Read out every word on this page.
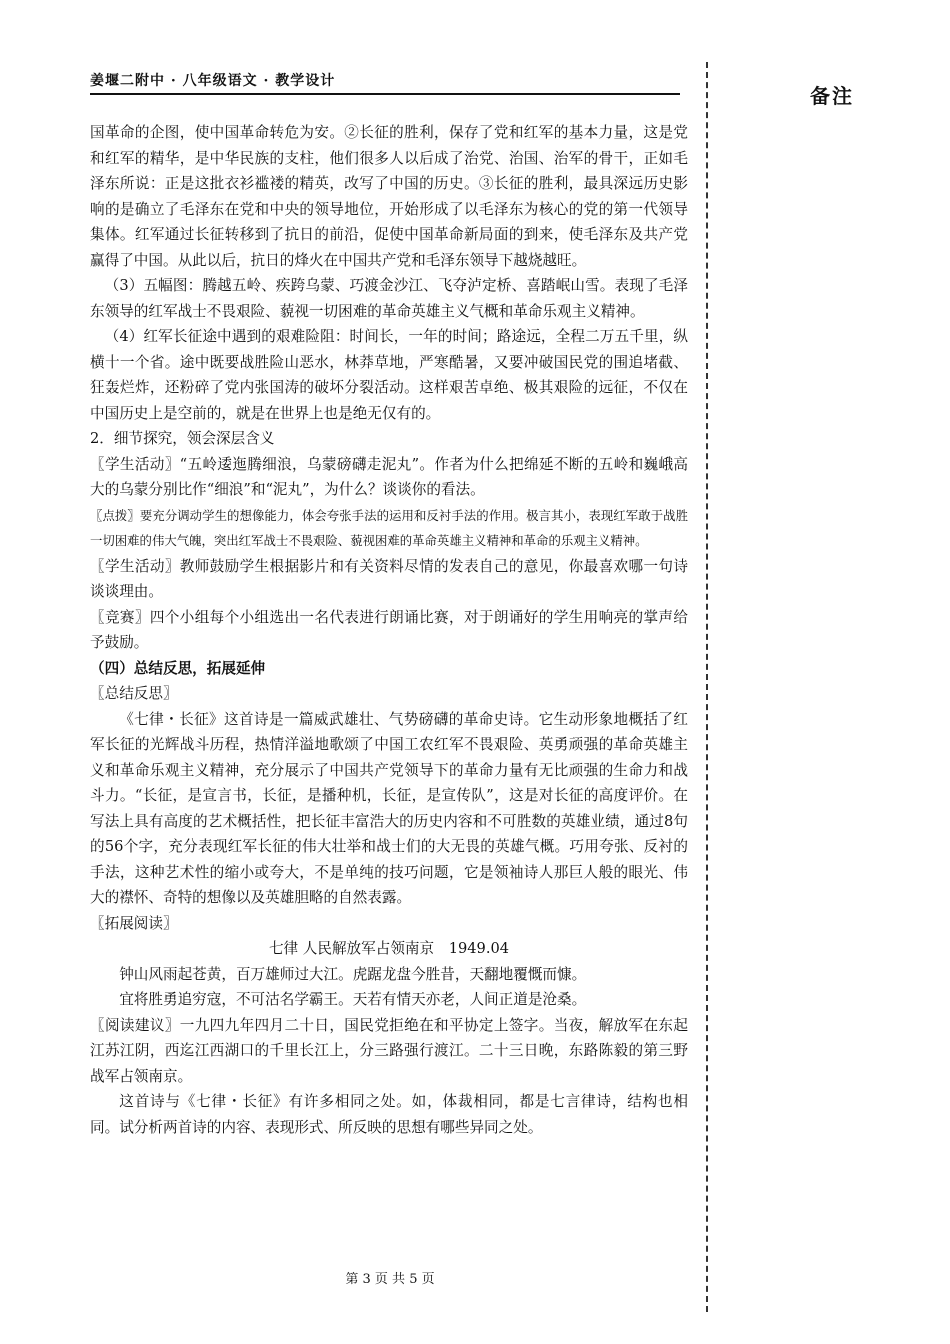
姜堰二附中 · 八年级语文 · 教学设计
备注

国革命的企图，使中国革命转危为安。②长征的胜利，保存了党和红军的基本力量，这是党和红军的精华，是中华民族的支柱，他们很多人以后成了治党、治国、治军的骨干，正如毛泽东所说：正是这批衣衫褴褛的精英，改写了中国的历史。③长征的胜利，最具深远历史影响的是确立了毛泽东在党和中央的领导地位，开始形成了以毛泽东为核心的党的第一代领导集体。红军通过长征转移到了抗日的前沿，促使中国革命新局面的到来，使毛泽东及共产党赢得了中国。从此以后，抗日的烽火在中国共产党和毛泽东领导下越烧越旺。

（3）五幅图：腾越五岭、疾跨乌蒙、巧渡金沙江、飞夺泸定桥、喜踏岷山雪。表现了毛泽东领导的红军战士不畏艰险、藐视一切困难的革命英雄主义气概和革命乐观主义精神。

（4）红军长征途中遇到的艰难险阻：时间长，一年的时间；路途远，全程二万五千里，纵横十一个省。途中既要战胜险山恶水，林莽草地，严寒酷暑，又要冲破国民党的围追堵截、狂轰烂炸，还粉碎了党内张国涛的破坏分裂活动。这样艰苦卓绝、极其艰险的远征，不仅在中国历史上是空前的，就是在世界上也是绝无仅有的。

2．细节探究，领会深层含义

〖学生活动〗“五岭逶迤腾细浪，乌蒙磅礴走泥丸”。作者为什么把绵延不断的五岭和巍峨高大的乌蒙分别比作“细浪”和“泥丸”，为什么？谈谈你的看法。

〖点拨〗要充分调动学生的想像能力，体会夸张手法的运用和反衬手法的作用。极言其小，表现红军敢于战胜一切困难的伟大气魄，突出红军战士不畏艰险、藐视困难的革命英雄主义精神和革命的乐观主义精神。

〖学生活动〗教师鼓励学生根据影片和有关资料尽情的发表自己的意见，你最喜欢哪一句诗谈谈理由。

〖竞赛〗四个小组每个小组选出一名代表进行朗诵比赛，对于朗诵好的学生用响亮的掌声给予鼓励。

（四）总结反思，拓展延伸

〖总结反思〗

《七律・长征》这首诗是一篇威武雄壮、气势磅礴的革命史诗。它生动形象地概括了红军长征的光辉战斗历程，热情洋溢地歌颂了中国工农红军不畏艰险、英勇顽强的革命英雄主义和革命乐观主义精神，充分展示了中国共产党领导下的革命力量有无比顽强的生命力和战斗力。“长征，是宣言书，长征，是播种机，长征，是宣传队”，这是对长征的高度评价。在写法上具有高度的艺术概括性，把长征丰富浩大的历史内容和不可胜数的英雄业绩，通过8句的56个字，充分表现红军长征的伟大壮举和战士们的大无畏的英雄气概。巧用夸张、反衬的手法，这种艺术性的缩小或夸大，不是单纯的技巧问题，它是领袖诗人那巨人般的眼光、伟大的襟怀、奇特的想像以及英雄胆略的自然表露。

〖拓展阅读〗

七律 人民解放军占领南京　1949.04

钟山风雨起苍黄，百万雄师过大江。虎踞龙盘今胜昔，天翻地覆慨而慷。

宜将胜勇追穷寇，不可沽名学霸王。天若有情天亦老，人间正道是沧桑。

〖阅读建议〗一九四九年四月二十日，国民党拒绝在和平协定上签字。当夜，解放军在东起江苏江阴，西迄江西湖口的千里长江上，分三路强行渡江。二十三日晚，东路陈毅的第三野战军占领南京。

这首诗与《七律・长征》有许多相同之处。如，体裁相同，都是七言律诗，结构也相同。试分析两首诗的内容、表现形式、所反映的思想有哪些异同之处。

第 3 页 共 5 页
